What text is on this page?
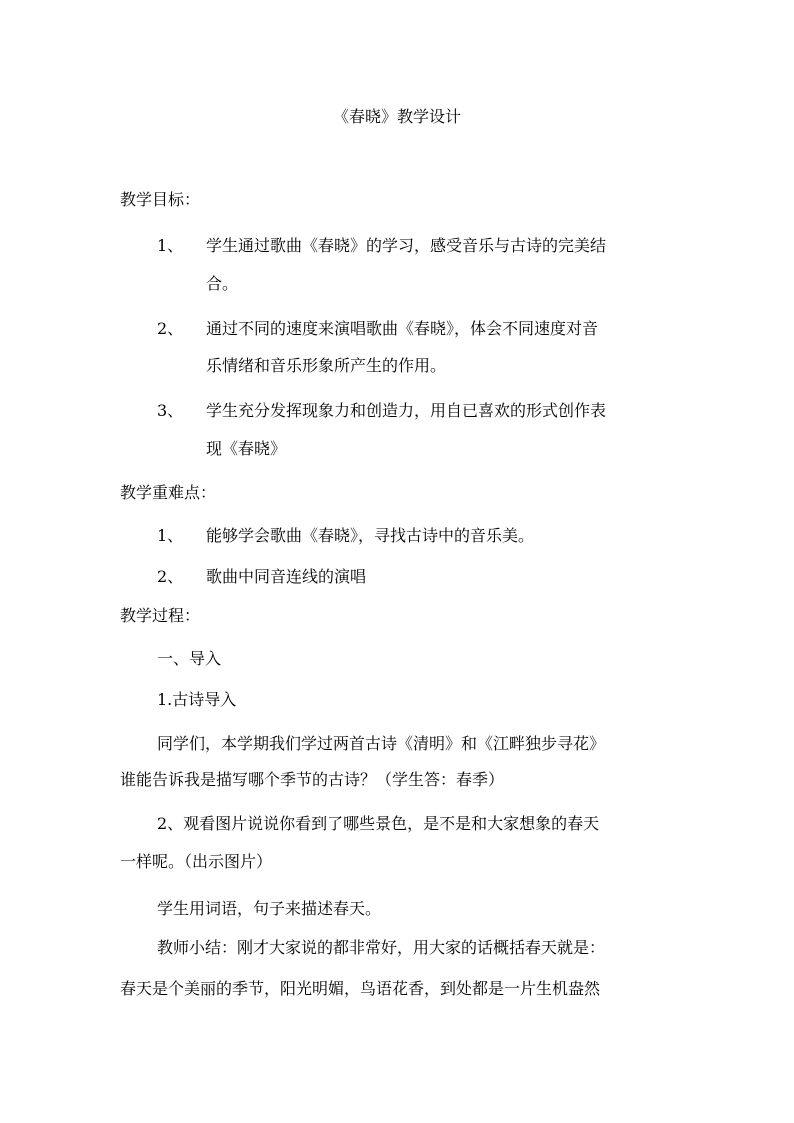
《春晓》教学设计
教学目标：
1、 学生通过歌曲《春晓》的学习，感受音乐与古诗的完美结
合。
2、 通过不同的速度来演唱歌曲《春晓》，体会不同速度对音
乐情绪和音乐形象所产生的作用。
3、 学生充分发挥现象力和创造力，用自已喜欢的形式创作表
现《春晓》
教学重难点：
1、 能够学会歌曲《春晓》，寻找古诗中的音乐美。
2、 歌曲中同音连线的演唱
教学过程：
一、导入
1.古诗导入
同学们，本学期我们学过两首古诗《清明》和《江畔独步寻花》
谁能告诉我是描写哪个季节的古诗？（学生答：春季）
2、观看图片说说你看到了哪些景色，是不是和大家想象的春天
一样呢。（出示图片）
学生用词语，句子来描述春天。
教师小结：刚才大家说的都非常好，用大家的话概括春天就是：
春天是个美丽的季节，阳光明媚，鸟语花香，到处都是一片生机盎然
